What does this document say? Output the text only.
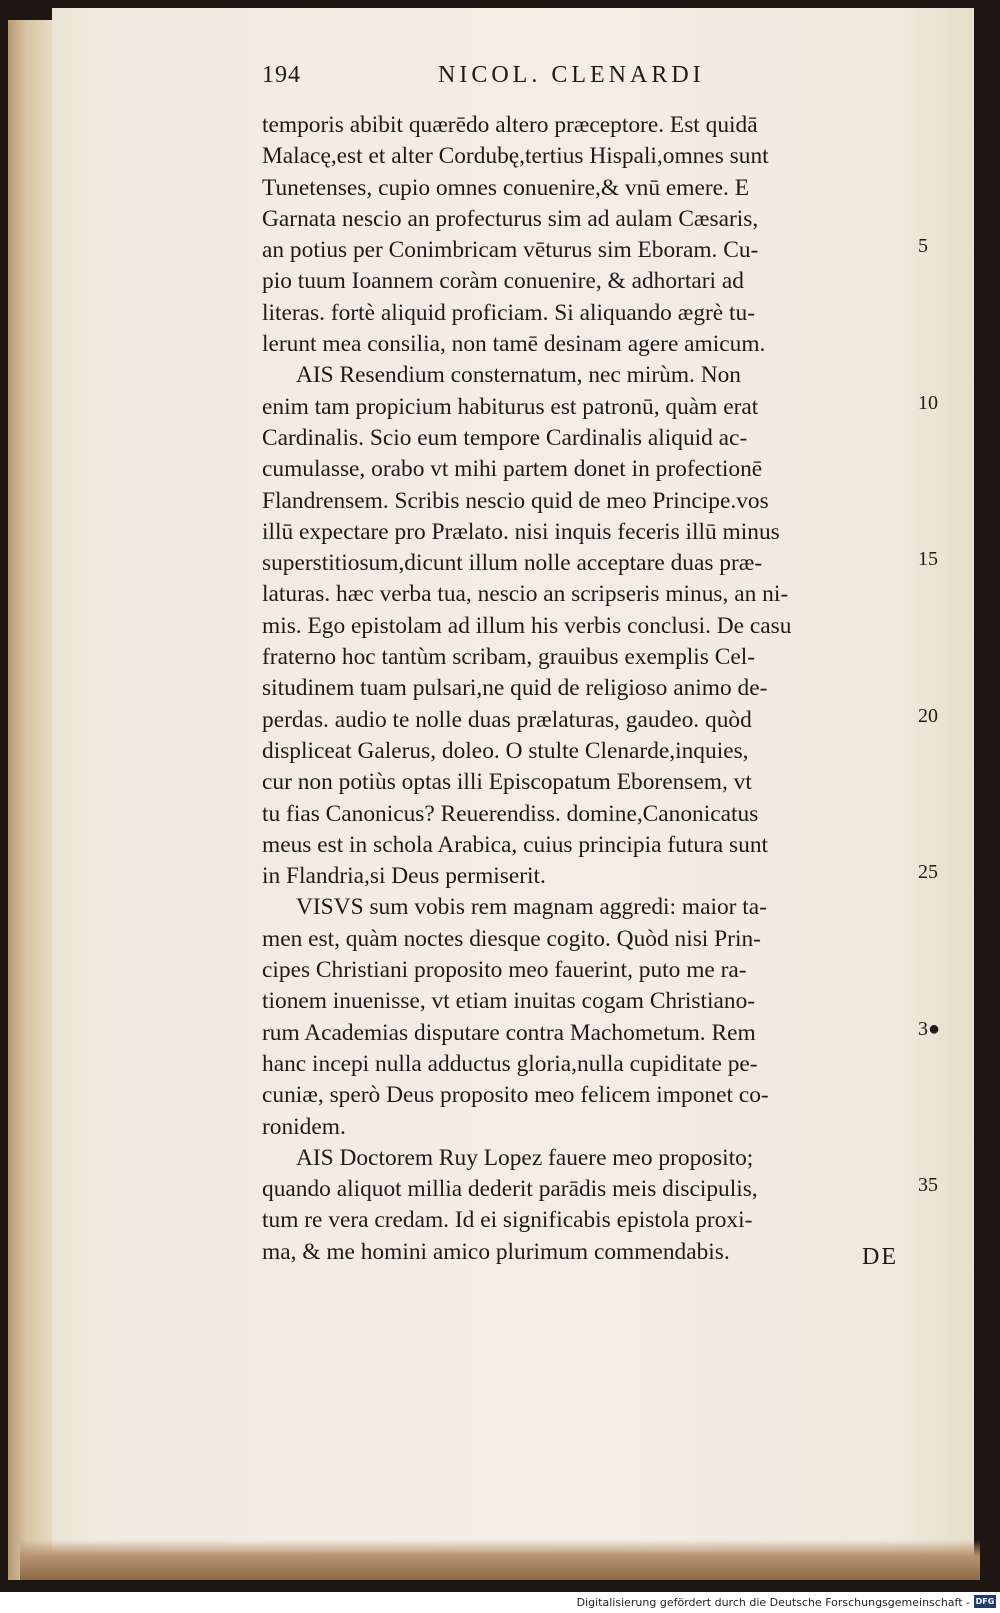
194	NICOL. CLENARDI
temporis abibit quærēdo altero præceptore. Est quidā
Malacę,est et alter Cordubę,tertius Hispali,omnes sunt
Tunetenses, cupio omnes conuenire,& vnū emere. E
Garnata nescio an profecturus sim ad aulam Cæsaris,
an potius per Conimbricam vēturus sim Eboram. Cu-
pio tuum Ioannem coràm conuenire, & adhortari ad
literas. fortè aliquid proficiam. Si aliquando ægrè tu-
lerunt mea consilia, non tamē desinam agere amicum.
AIS Resendium consternatum, nec mirùm. Non
enim tam propicium habiturus est patronū, quàm erat
Cardinalis. Scio eum tempore Cardinalis aliquid ac-
cumulasse, orabo vt mihi partem donet in profectionē
Flandrensem. Scribis nescio quid de meo Principe.vos
illū expectare pro Prælato. nisi inquis feceris illū minus
superstitiosum,dicunt illum nolle acceptare duas præ-
laturas. hæc verba tua, nescio an scripseris minus, an ni-
mis. Ego epistolam ad illum his verbis conclusi. De casu
fraterno hoc tantùm scribam, grauibus exemplis Cel-
situdinem tuam pulsari,ne quid de religioso animo de-
perdas. audio te nolle duas prælaturas, gaudeo. quòd
displiceat Galerus, doleo. O stulte Clenarde,inquies,
cur non potiùs optas illi Episcopatum Eborensem, vt
tu fias Canonicus? Reuerendiss. domine,Canonicatus
meus est in schola Arabica, cuius principia futura sunt
in Flandria,si Deus permiserit.
VISVS sum vobis rem magnam aggredi: maior ta-
men est, quàm noctes diesque cogito. Quòd nisi Prin-
cipes Christiani proposito meo fauerint, puto me ra-
tionem inuenisse, vt etiam inuitas cogam Christiano-
rum Academias disputare contra Machometum. Rem
hanc incepi nulla adductus gloria,nulla cupiditate pe-
cuniæ, sperò Deus proposito meo felicem imponet co-
ronidem.
AIS Doctorem Ruy Lopez fauere meo proposito;
quando aliquot millia dederit parādis meis discipulis,
tum re vera credam. Id ei significabis epistola proxi-
ma, & me homini amico plurimum commendabis.
5
10
15
20
25
3●
35
DE
Digitalisierung gefördert durch die Deutsche Forschungsgemeinschaft - DFG
